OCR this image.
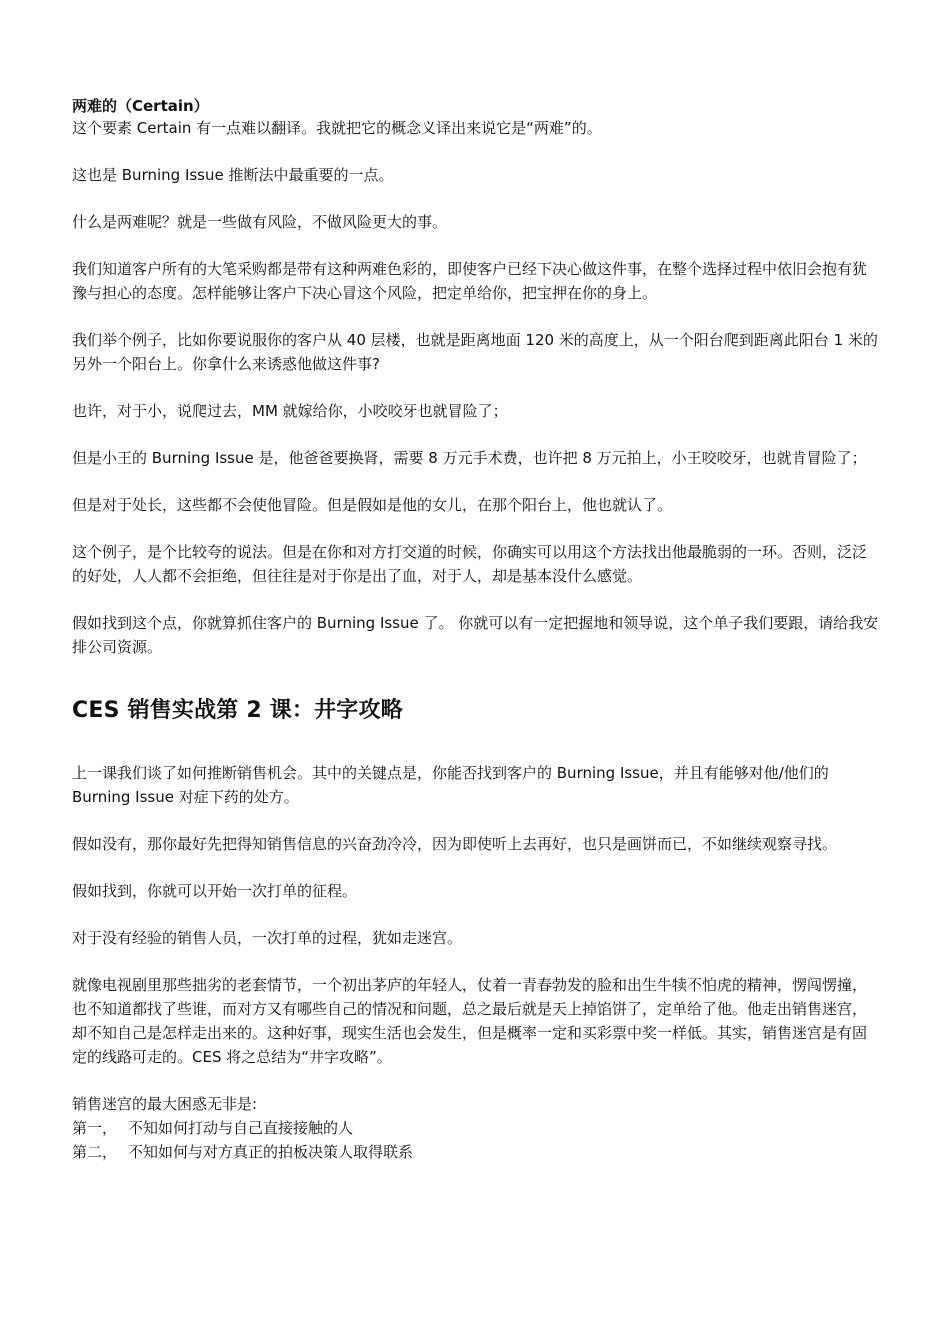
两难的（Certain）

这个要素 Certain 有一点难以翻译。我就把它的概念义译出来说它是“两难”的。

这也是 Burning Issue 推断法中最重要的一点。

什么是两难呢？就是一些做有风险，不做风险更大的事。

我们知道客户所有的大笔采购都是带有这种两难色彩的，即使客户已经下决心做这件事，在整个选择过程中依旧会抱有犹豫与担心的态度。怎样能够让客户下决心冒这个风险，把定单给你，把宝押在你的身上。

我们举个例子，比如你要说服你的客户从 40 层楼，也就是距离地面 120 米的高度上，从一个阳台爬到距离此阳台 1 米的另外一个阳台上。你拿什么来诱惑他做这件事?

也许，对于小，说爬过去，MM 就嫁给你，小咬咬牙也就冒险了；

但是小王的 Burning Issue 是，他爸爸要换肾，需要 8 万元手术费，也许把 8 万元拍上，小王咬咬牙，也就肯冒险了；

但是对于处长，这些都不会使他冒险。但是假如是他的女儿，在那个阳台上，他也就认了。

这个例子，是个比较夸的说法。但是在你和对方打交道的时候，你确实可以用这个方法找出他最脆弱的一环。否则，泛泛的好处，人人都不会拒绝，但往往是对于你是出了血，对于人，却是基本没什么感觉。

假如找到这个点，你就算抓住客户的 Burning Issue 了。 你就可以有一定把握地和领导说，这个单子我们要跟，请给我安排公司资源。

CES 销售实战第 2 课：井字攻略

上一课我们谈了如何推断销售机会。其中的关键点是，你能否找到客户的 Burning Issue，并且有能够对他/他们的 Burning Issue 对症下药的处方。

假如没有，那你最好先把得知销售信息的兴奋劲冷冷，因为即使听上去再好，也只是画饼而已，不如继续观察寻找。

假如找到，你就可以开始一次打单的征程。

对于没有经验的销售人员，一次打单的过程，犹如走迷宫。

就像电视剧里那些拙劣的老套情节，一个初出茅庐的年轻人，仗着一青春勃发的脸和出生牛犊不怕虎的精神，愣闯愣撞，也不知道都找了些谁，而对方又有哪些自己的情况和问题，总之最后就是天上掉馅饼了，定单给了他。他走出销售迷宫，却不知自己是怎样走出来的。这种好事，现实生活也会发生，但是概率一定和买彩票中奖一样低。其实，销售迷宫是有固定的线路可走的。CES 将之总结为“井字攻略”。

销售迷宫的最大困惑无非是:
第一， 不知如何打动与自己直接接触的人
第二， 不知如何与对方真正的拍板决策人取得联系
